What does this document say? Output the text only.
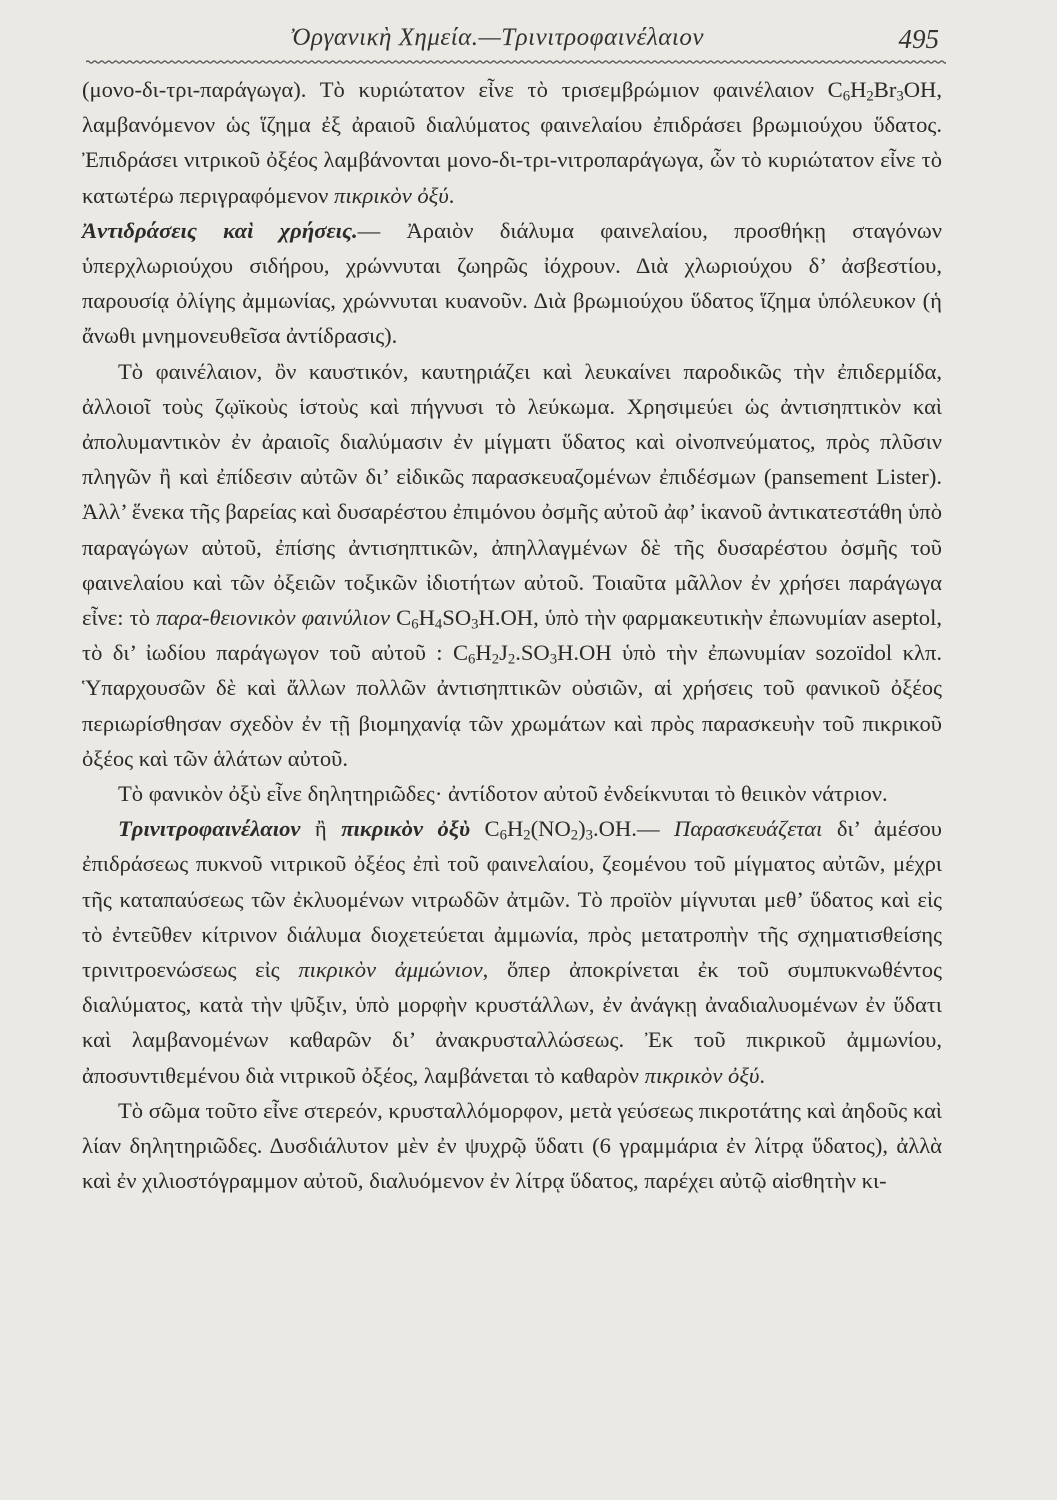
Ὀργανικὴ Χημεία.—Τρινιτροφαινέλαιον	495

(μονο-δι-τρι-παράγωγα). Τὸ κυριώτατον εἶνε τὸ τρισεμβρώμιον φαινέλαιον $C_6H_2Br_3OH$, λαμβανόμενον ὡς ἵζημα ἐξ ἀραιοῦ διαλύματος φαινελαίου ἐπιδράσει βρωμιούχου ὕδατος. Ἐπιδράσει νιτρικοῦ ὀξέος λαμβάνονται μονο-δι-τρι-νιτροπαράγωγα, ὧν τὸ κυριώτατον εἶνε τὸ κατωτέρω περιγραφόμενον πικρικὸν ὀξύ.

Ἀντιδράσεις καὶ χρήσεις.— Ἀραιὸν διάλυμα φαινελαίου, προσθήκῃ σταγόνων ὑπερχλωριούχου σιδήρου, χρώννυται ζωηρῶς ἰόχρουν. Διὰ χλωριούχου δ’ ἀσβεστίου, παρουσίᾳ ὀλίγης ἀμμωνίας, χρώννυται κυανοῦν. Διὰ βρωμιούχου ὕδατος ἵζημα ὑπόλευκον (ἡ ἄνωθι μνημονευθεῖσα ἀντίδρασις).

Τὸ φαινέλαιον, ὂν καυστικόν, καυτηριάζει καὶ λευκαίνει παροδικῶς τὴν ἐπιδερμίδα, ἀλλοιοῖ τοὺς ζῳϊκοὺς ἱστοὺς καὶ πήγνυσι τὸ λεύκωμα. Χρησιμεύει ὡς ἀντισηπτικὸν καὶ ἀπολυμαντικὸν ἐν ἀραιοῖς διαλύμασιν ἐν μίγματι ὕδατος καὶ οἰνοπνεύματος, πρὸς πλῦσιν πληγῶν ἢ καὶ ἐπίδεσιν αὐτῶν δι’ εἰδικῶς παρασκευαζομένων ἐπιδέσμων (pansement Lister). Ἀλλ’ ἕνεκα τῆς βαρείας καὶ δυσαρέστου ἐπιμόνου ὀσμῆς αὐτοῦ ἀφ’ ἱκανοῦ ἀντικατεστάθη ὑπὸ παραγώγων αὐτοῦ, ἐπίσης ἀντισηπτικῶν, ἀπηλλαγμένων δὲ τῆς δυσαρέστου ὀσμῆς τοῦ φαινελαίου καὶ τῶν ὀξειῶν τοξικῶν ἰδιοτήτων αὐτοῦ. Τοιαῦτα μᾶλλον ἐν χρήσει παράγωγα εἶνε: τὸ παρα-θειονικὸν φαινύλιον $C_6H_4SO_3H.OH$, ὑπὸ τὴν φαρμακευτικὴν ἐπωνυμίαν aseptol, τὸ δι’ ἰωδίου παράγωγον τοῦ αὐτοῦ : $C_6H_2J_2.SO_3H.OH$ ὑπὸ τὴν ἐπωνυμίαν sozoïdol κλπ. Ὑπαρχουσῶν δὲ καὶ ἄλλων πολλῶν ἀντισηπτικῶν οὐσιῶν, αἱ χρήσεις τοῦ φανικοῦ ὀξέος περιωρίσθησαν σχεδὸν ἐν τῇ βιομηχανίᾳ τῶν χρωμάτων καὶ πρὸς παρασκευὴν τοῦ πικρικοῦ ὀξέος καὶ τῶν ἁλάτων αὐτοῦ.

Τὸ φανικὸν ὀξὺ εἶνε δηλητηριῶδες· ἀντίδοτον αὐτοῦ ἐνδείκνυται τὸ θειικὸν νάτριον.

Τρινιτροφαινέλαιον ἢ πικρικὸν ὀξὺ $C_6H_2(NO_2)_3.OH.—$ Παρασκευάζεται δι’ ἀμέσου ἐπιδράσεως πυκνοῦ νιτρικοῦ ὀξέος ἐπὶ τοῦ φαινελαίου, ζεομένου τοῦ μίγματος αὐτῶν, μέχρι τῆς καταπαύσεως τῶν ἐκλυομένων νιτρωδῶν ἀτμῶν. Τὸ προϊὸν μίγνυται μεθ’ ὕδατος καὶ εἰς τὸ ἐντεῦθεν κίτρινον διάλυμα διοχετεύεται ἀμμωνία, πρὸς μετατροπὴν τῆς σχηματισθείσης τρινιτροενώσεως εἰς πικρικὸν ἀμμώνιον, ὅπερ ἀποκρίνεται ἐκ τοῦ συμπυκνωθέντος διαλύματος, κατὰ τὴν ψῦξιν, ὑπὸ μορφὴν κρυστάλλων, ἐν ἀνάγκῃ ἀναδιαλυομένων ἐν ὕδατι καὶ λαμβανομένων καθαρῶν δι’ ἀνακρυσταλλώσεως. Ἐκ τοῦ πικρικοῦ ἀμμωνίου, ἀποσυντιθεμένου διὰ νιτρικοῦ ὀξέος, λαμβάνεται τὸ καθαρὸν πικρικὸν ὀξύ.

Τὸ σῶμα τοῦτο εἶνε στερεόν, κρυσταλλόμορφον, μετὰ γεύσεως πικροτάτης καὶ ἀηδοῦς καὶ λίαν δηλητηριῶδες. Δυσδιάλυτον μὲν ἐν ψυχρῷ ὕδατι (6 γραμμάρια ἐν λίτρᾳ ὕδατος), ἀλλὰ καὶ ἐν χιλιοστόγραμμον αὐτοῦ, διαλυόμενον ἐν λίτρᾳ ὕδατος, παρέχει αὐτῷ αἰσθητὴν κι-
